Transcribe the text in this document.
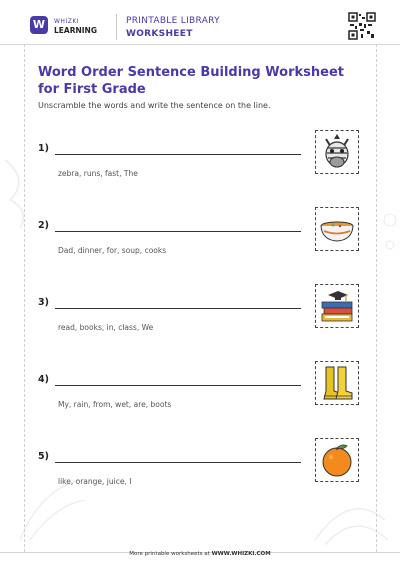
W	WHIZKI
LEARNING
PRINTABLE LIBRARY
WORKSHEET
Word Order Sentence Building Worksheet for First Grade
Unscramble the words and write the sentence on the line.
1)
zebra, runs, fast, The
2)
Dad, dinner, for, soup, cooks
3)
read, books, in, class, We
4)
My, rain, from, wet, are, boots
5)
like, orange, juice, I
More printable worksheets at WWW.WHIZKI.COM
